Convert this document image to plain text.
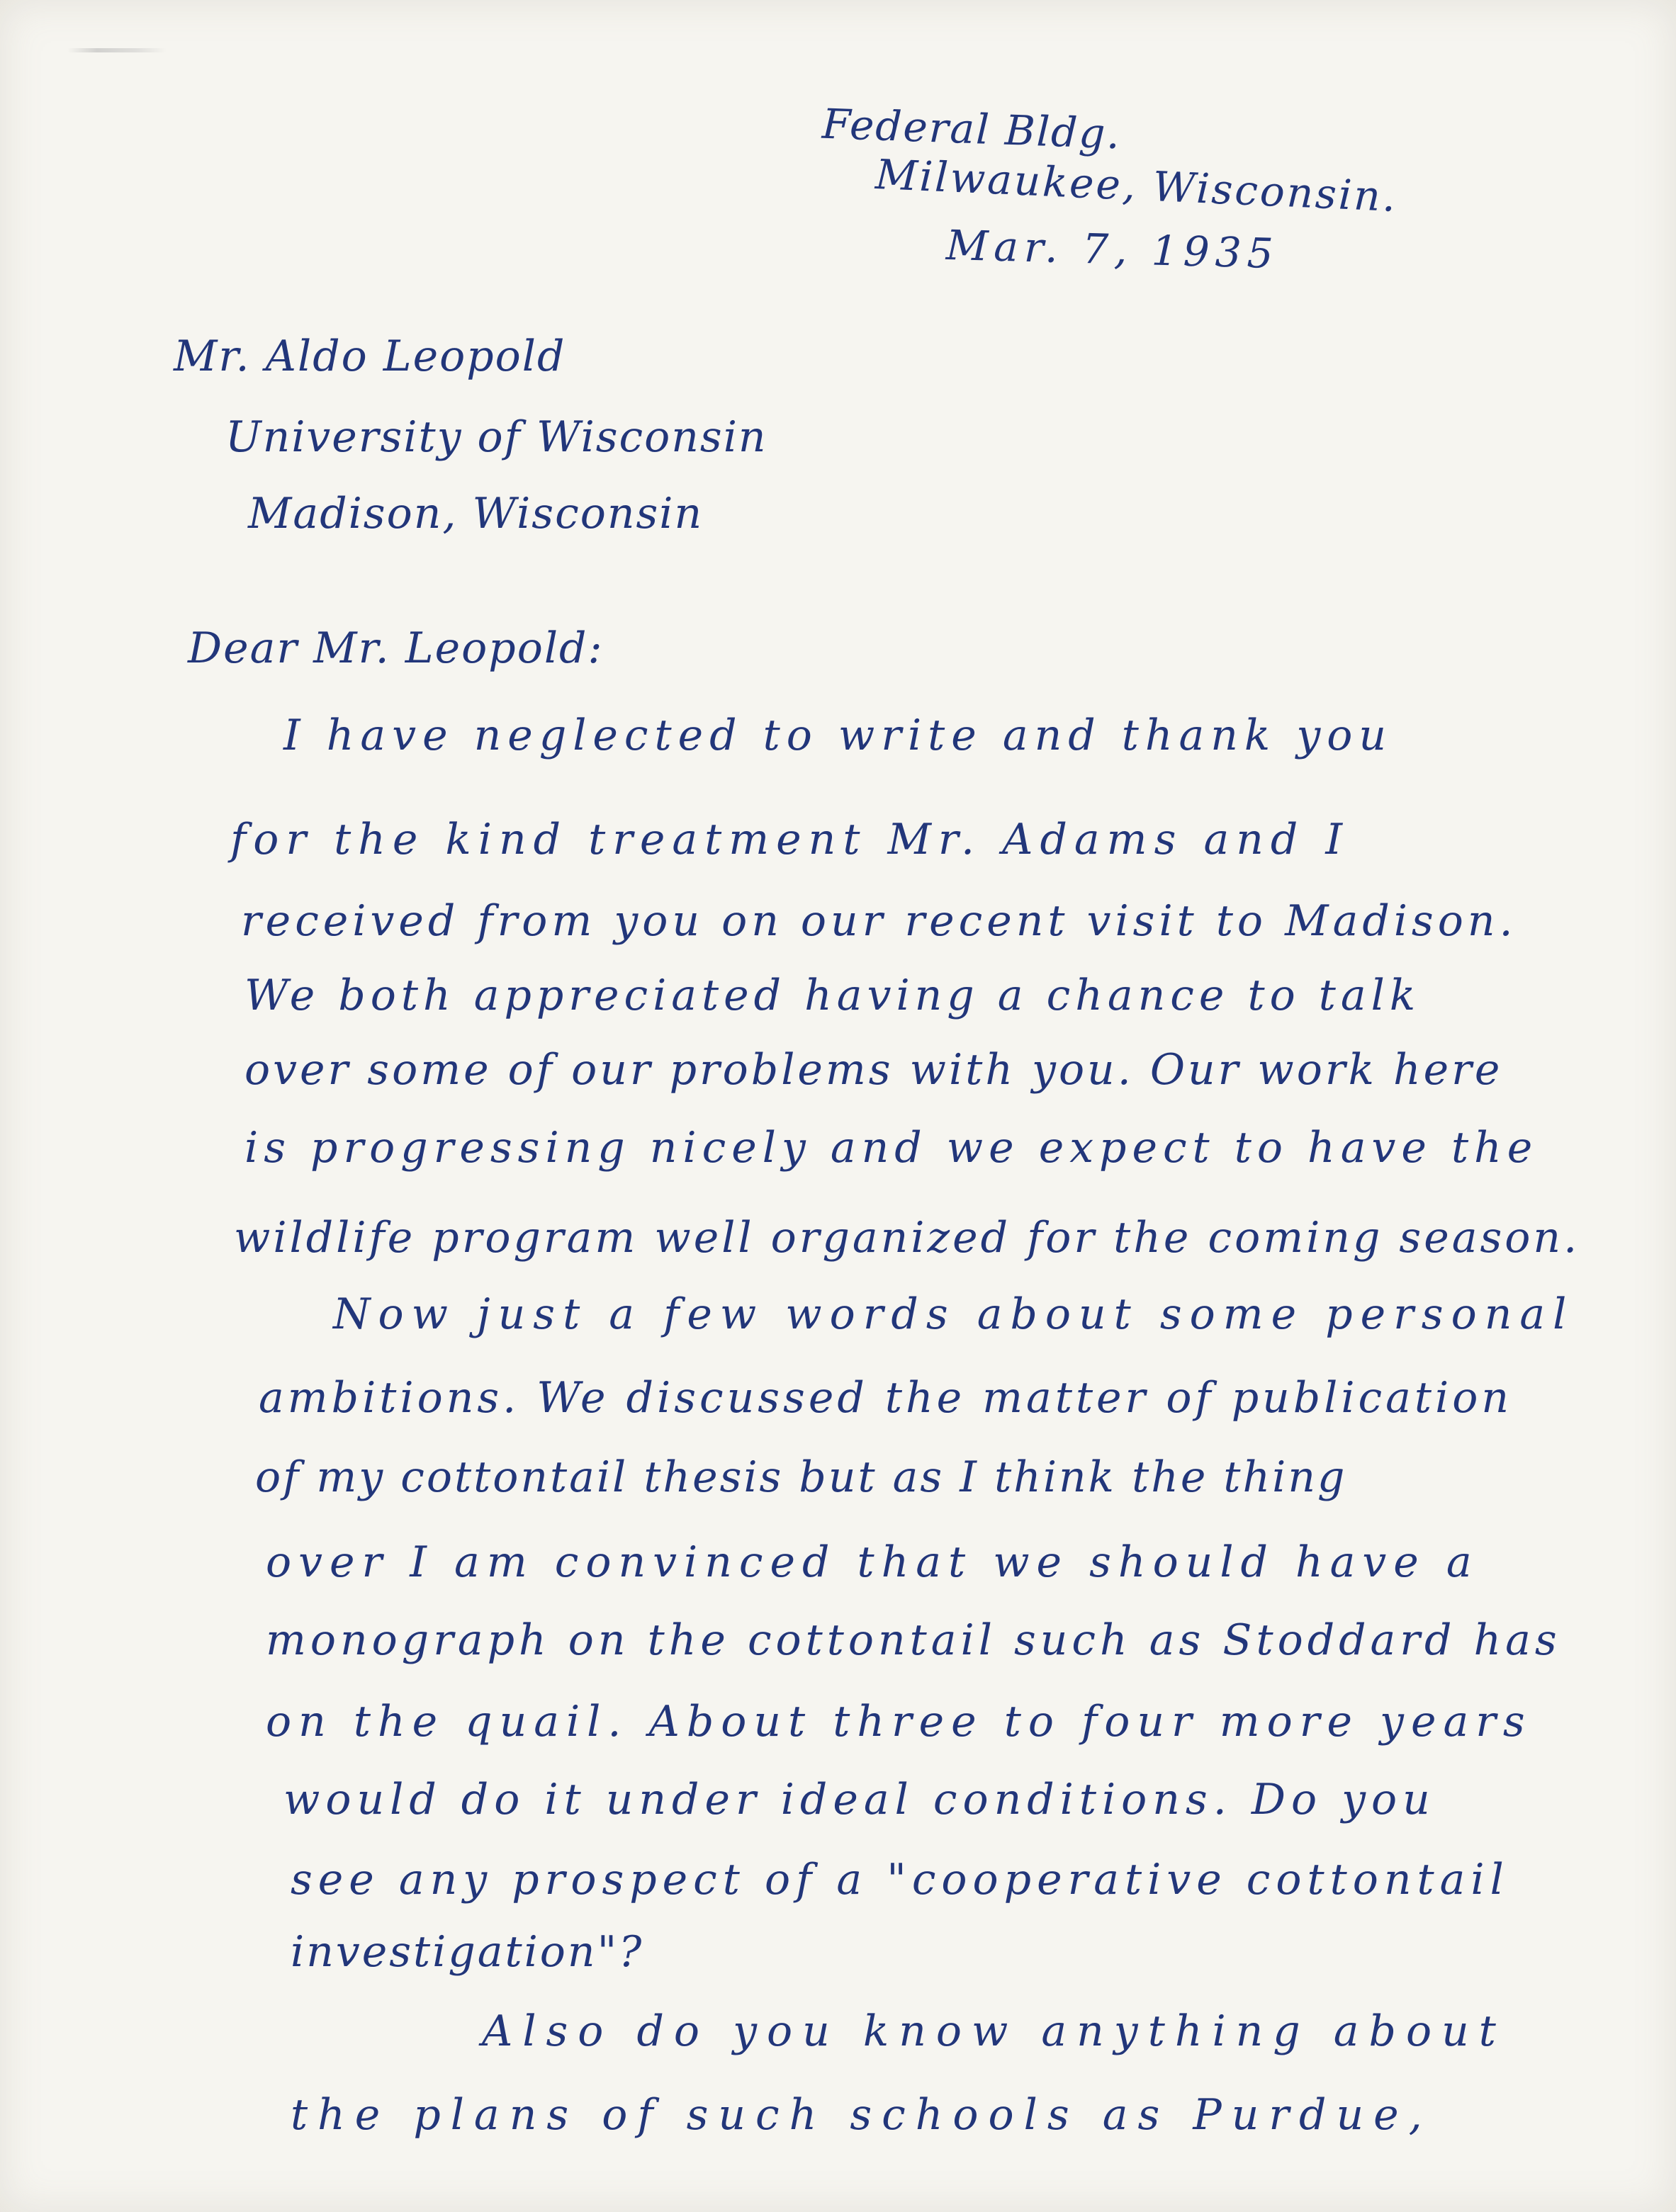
Federal Bldg.

Milwaukee, Wisconsin.

Mar. 7, 1935

Mr. Aldo Leopold

University of Wisconsin

Madison, Wisconsin

Dear Mr. Leopold:

I have neglected to write and thank you

for the kind treatment Mr. Adams and I

received from you on our recent visit to Madison.

We both appreciated having a chance to talk

over some of our problems with you. Our work here

is progressing nicely and we expect to have the

wildlife program well organized for the coming season.

Now just a few words about some personal

ambitions. We discussed the matter of publication

of my cottontail thesis but as I think the thing

over I am convinced that we should have a

monograph on the cottontail such as Stoddard has

on the quail. About three to four more years

would do it under ideal conditions. Do you

see any prospect of a "cooperative cottontail

investigation"?

Also do you know anything about

the plans of such schools as Purdue,
